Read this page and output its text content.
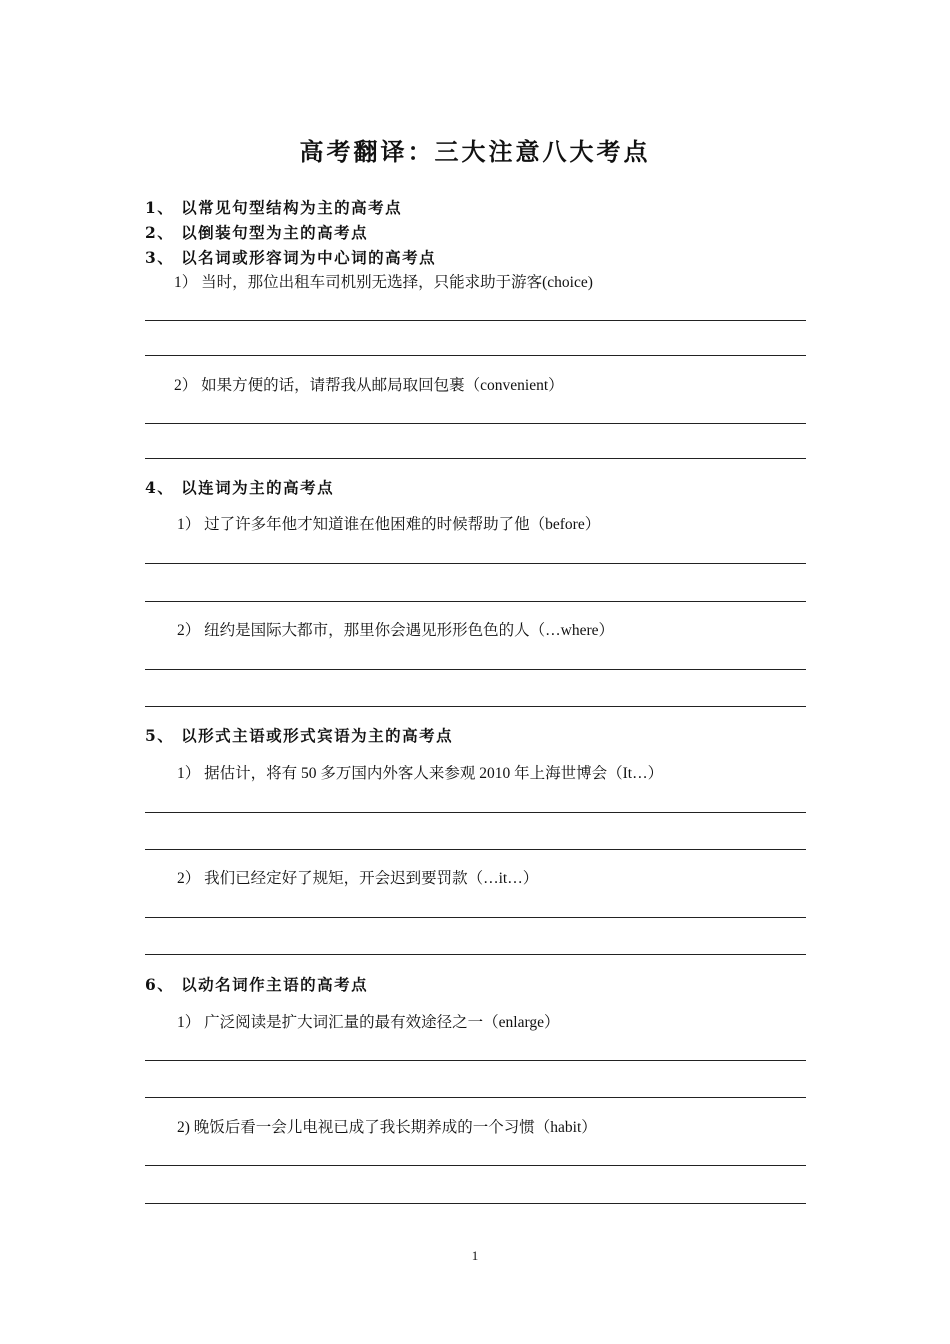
高考翻译：三大注意八大考点
1、 以常见句型结构为主的高考点
2、 以倒装句型为主的高考点
3、 以名词或形容词为中心词的高考点
1） 当时，那位出租车司机别无选择，只能求助于游客(choice)
2） 如果方便的话，请帮我从邮局取回包裹（convenient）
4、 以连词为主的高考点
1） 过了许多年他才知道谁在他困难的时候帮助了他（before）
2） 纽约是国际大都市，那里你会遇见形形色色的人（…where）
5、 以形式主语或形式宾语为主的高考点
1） 据估计，将有 50 多万国内外客人来参观 2010 年上海世博会（It…）
2） 我们已经定好了规矩，开会迟到要罚款（…it…）
6、 以动名词作主语的高考点
1） 广泛阅读是扩大词汇量的最有效途径之一（enlarge）
2) 晚饭后看一会儿电视已成了我长期养成的一个习惯（habit）
1
